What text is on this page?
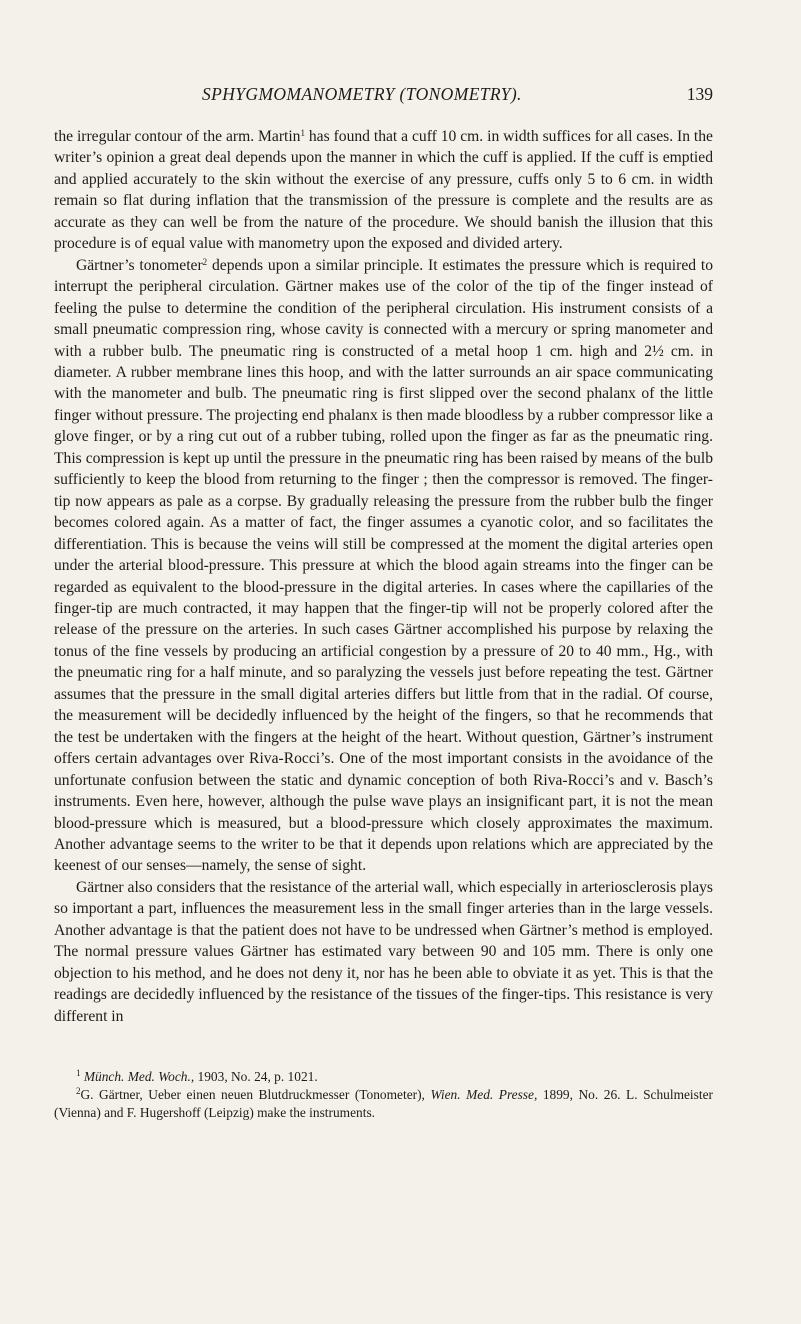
SPHYGMOMANOMETRY (TONOMETRY).	139

the irregular contour of the arm. Martin$^1$ has found that a cuff 10 cm. in width suffices for all cases. In the writer’s opinion a great deal depends upon the manner in which the cuff is applied. If the cuff is emptied and applied accurately to the skin without the exercise of any pressure, cuffs only 5 to 6 cm. in width remain so flat during inflation that the transmission of the pressure is complete and the results are as accurate as they can well be from the nature of the procedure. We should banish the illusion that this procedure is of equal value with manometry upon the exposed and divided artery.

Gärtner’s tonometer$^2$ depends upon a similar principle. It estimates the pressure which is required to interrupt the peripheral circulation. Gärtner makes use of the color of the tip of the finger instead of feeling the pulse to determine the condition of the peripheral circulation. His instrument consists of a small pneumatic compression ring, whose cavity is connected with a mercury or spring manometer and with a rubber bulb. The pneumatic ring is constructed of a metal hoop 1 cm. high and 2½ cm. in diameter. A rubber membrane lines this hoop, and with the latter surrounds an air space communicating with the manometer and bulb. The pneumatic ring is first slipped over the second phalanx of the little finger without pressure. The projecting end phalanx is then made bloodless by a rubber compressor like a glove finger, or by a ring cut out of a rubber tubing, rolled upon the finger as far as the pneumatic ring. This compression is kept up until the pressure in the pneumatic ring has been raised by means of the bulb sufficiently to keep the blood from returning to the finger ; then the compressor is removed. The finger-tip now appears as pale as a corpse. By gradually releasing the pressure from the rubber bulb the finger becomes colored again. As a matter of fact, the finger assumes a cyanotic color, and so facilitates the differentiation. This is because the veins will still be compressed at the moment the digital arteries open under the arterial blood-pressure. This pressure at which the blood again streams into the finger can be regarded as equivalent to the blood-pressure in the digital arteries. In cases where the capillaries of the finger-tip are much contracted, it may happen that the finger-tip will not be properly colored after the release of the pressure on the arteries. In such cases Gärtner accomplished his purpose by relaxing the tonus of the fine vessels by producing an artificial congestion by a pressure of 20 to 40 mm., Hg., with the pneumatic ring for a half minute, and so paralyzing the vessels just before repeating the test. Gärtner assumes that the pressure in the small digital arteries differs but little from that in the radial. Of course, the measurement will be decidedly influenced by the height of the fingers, so that he recommends that the test be undertaken with the fingers at the height of the heart. Without question, Gärtner’s instrument offers certain advantages over Riva-Rocci’s. One of the most important consists in the avoidance of the unfortunate confusion between the static and dynamic conception of both Riva-Rocci’s and v. Basch’s instruments. Even here, however, although the pulse wave plays an insignificant part, it is not the mean blood-pressure which is measured, but a blood-pressure which closely approximates the maximum. Another advantage seems to the writer to be that it depends upon relations which are appreciated by the keenest of our senses—namely, the sense of sight.

Gärtner also considers that the resistance of the arterial wall, which especially in arteriosclerosis plays so important a part, influences the measurement less in the small finger arteries than in the large vessels. Another advantage is that the patient does not have to be undressed when Gärtner’s method is employed. The normal pressure values Gärtner has estimated vary between 90 and 105 mm. There is only one objection to his method, and he does not deny it, nor has he been able to obviate it as yet. This is that the readings are decidedly influenced by the resistance of the tissues of the finger-tips. This resistance is very different in

$^1$ Münch. Med. Woch., 1903, No. 24, p. 1021.

$^2$G. Gärtner, Ueber einen neuen Blutdruckmesser (Tonometer), Wien. Med. Presse, 1899, No. 26. L. Schulmeister (Vienna) and F. Hugershoff (Leipzig) make the instruments.
